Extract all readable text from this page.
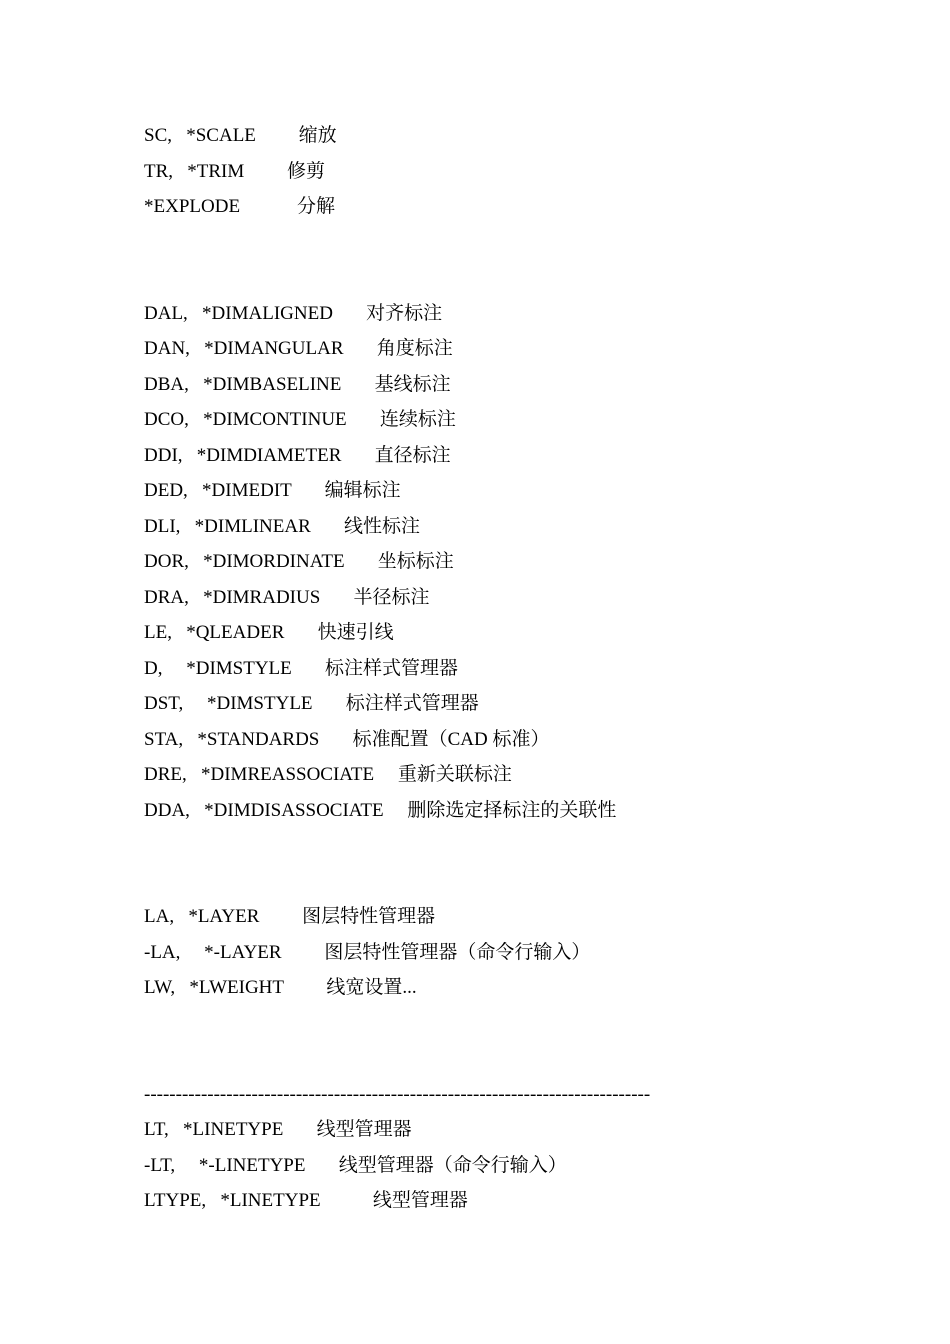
SC,   *SCALE         缩放
TR,   *TRIM         修剪
*EXPLODE            分解
DAL,   *DIMALIGNED       对齐标注
DAN,   *DIMANGULAR       角度标注
DBA,   *DIMBASELINE       基线标注
DCO,   *DIMCONTINUE       连续标注
DDI,   *DIMDIAMETER       直径标注
DED,   *DIMEDIT       编辑标注
DLI,   *DIMLINEAR       线性标注
DOR,   *DIMORDINATE       坐标标注
DRA,   *DIMRADIUS       半径标注
LE,   *QLEADER       快速引线
D,     *DIMSTYLE       标注样式管理器
DST,     *DIMSTYLE       标注样式管理器
STA,   *STANDARDS       标准配置（CAD 标准）
DRE,   *DIMREASSOCIATE     重新关联标注
DDA,   *DIMDISASSOCIATE     删除选定择标注的关联性
LA,   *LAYER         图层特性管理器
-LA,     *-LAYER         图层特性管理器（命令行输入）
LW,   *LWEIGHT         线宽设置...
--------------------------------------------------------------------------------
LT,   *LINETYPE       线型管理器
-LT,     *-LINETYPE       线型管理器（命令行输入）
LTYPE,   *LINETYPE           线型管理器
